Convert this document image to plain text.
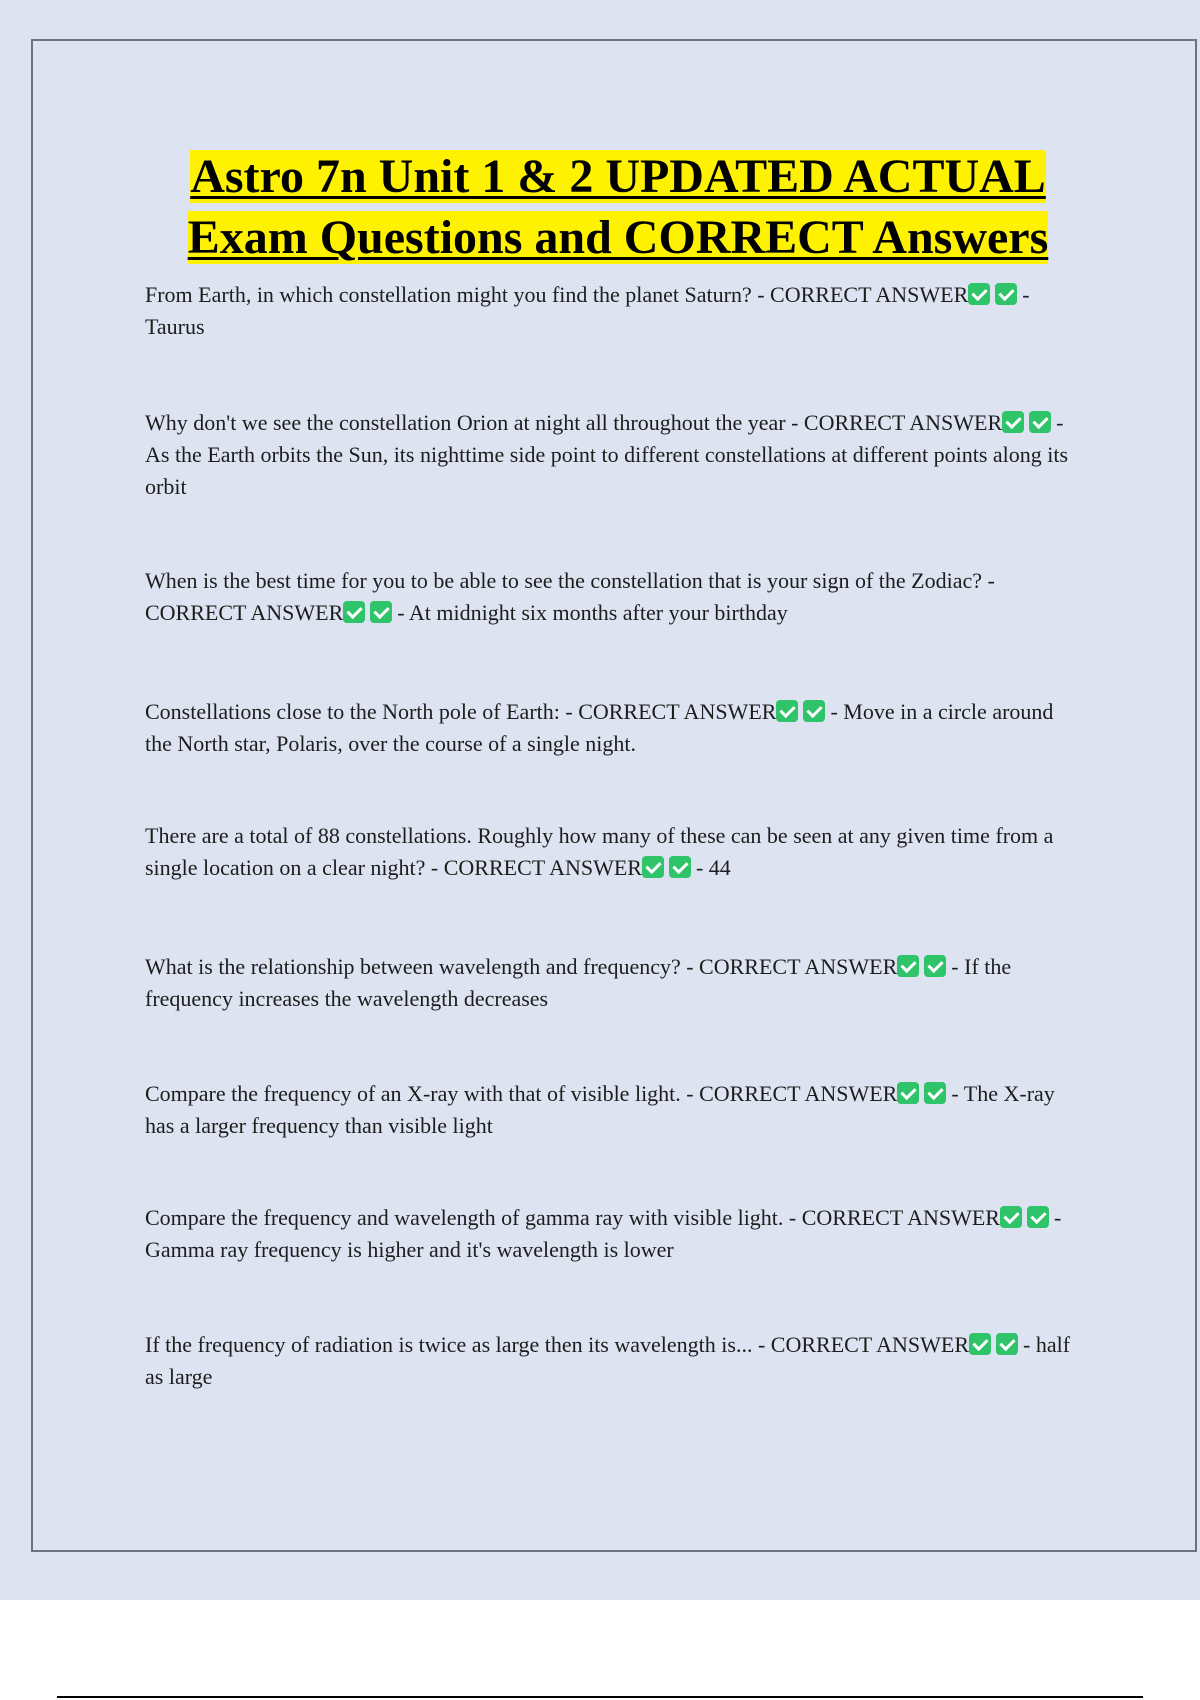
Astro 7n Unit 1 & 2 UPDATED ACTUAL
Exam Questions and CORRECT Answers

From Earth, in which constellation might you find the planet Saturn? - CORRECT ANSWER - Taurus

Why don't we see the constellation Orion at night all throughout the year - CORRECT ANSWER - As the Earth orbits the Sun, its nighttime side point to different constellations at different points along its orbit

When is the best time for you to be able to see the constellation that is your sign of the Zodiac? - CORRECT ANSWER - At midnight six months after your birthday

Constellations close to the North pole of Earth: - CORRECT ANSWER - Move in a circle around the North star, Polaris, over the course of a single night.

There are a total of 88 constellations. Roughly how many of these can be seen at any given time from a single location on a clear night? - CORRECT ANSWER - 44

What is the relationship between wavelength and frequency? - CORRECT ANSWER - If the frequency increases the wavelength decreases

Compare the frequency of an X-ray with that of visible light. - CORRECT ANSWER - The X-ray has a larger frequency than visible light

Compare the frequency and wavelength of gamma ray with visible light. - CORRECT ANSWER - Gamma ray frequency is higher and it's wavelength is lower

If the frequency of radiation is twice as large then its wavelength is... - CORRECT ANSWER - half as large
